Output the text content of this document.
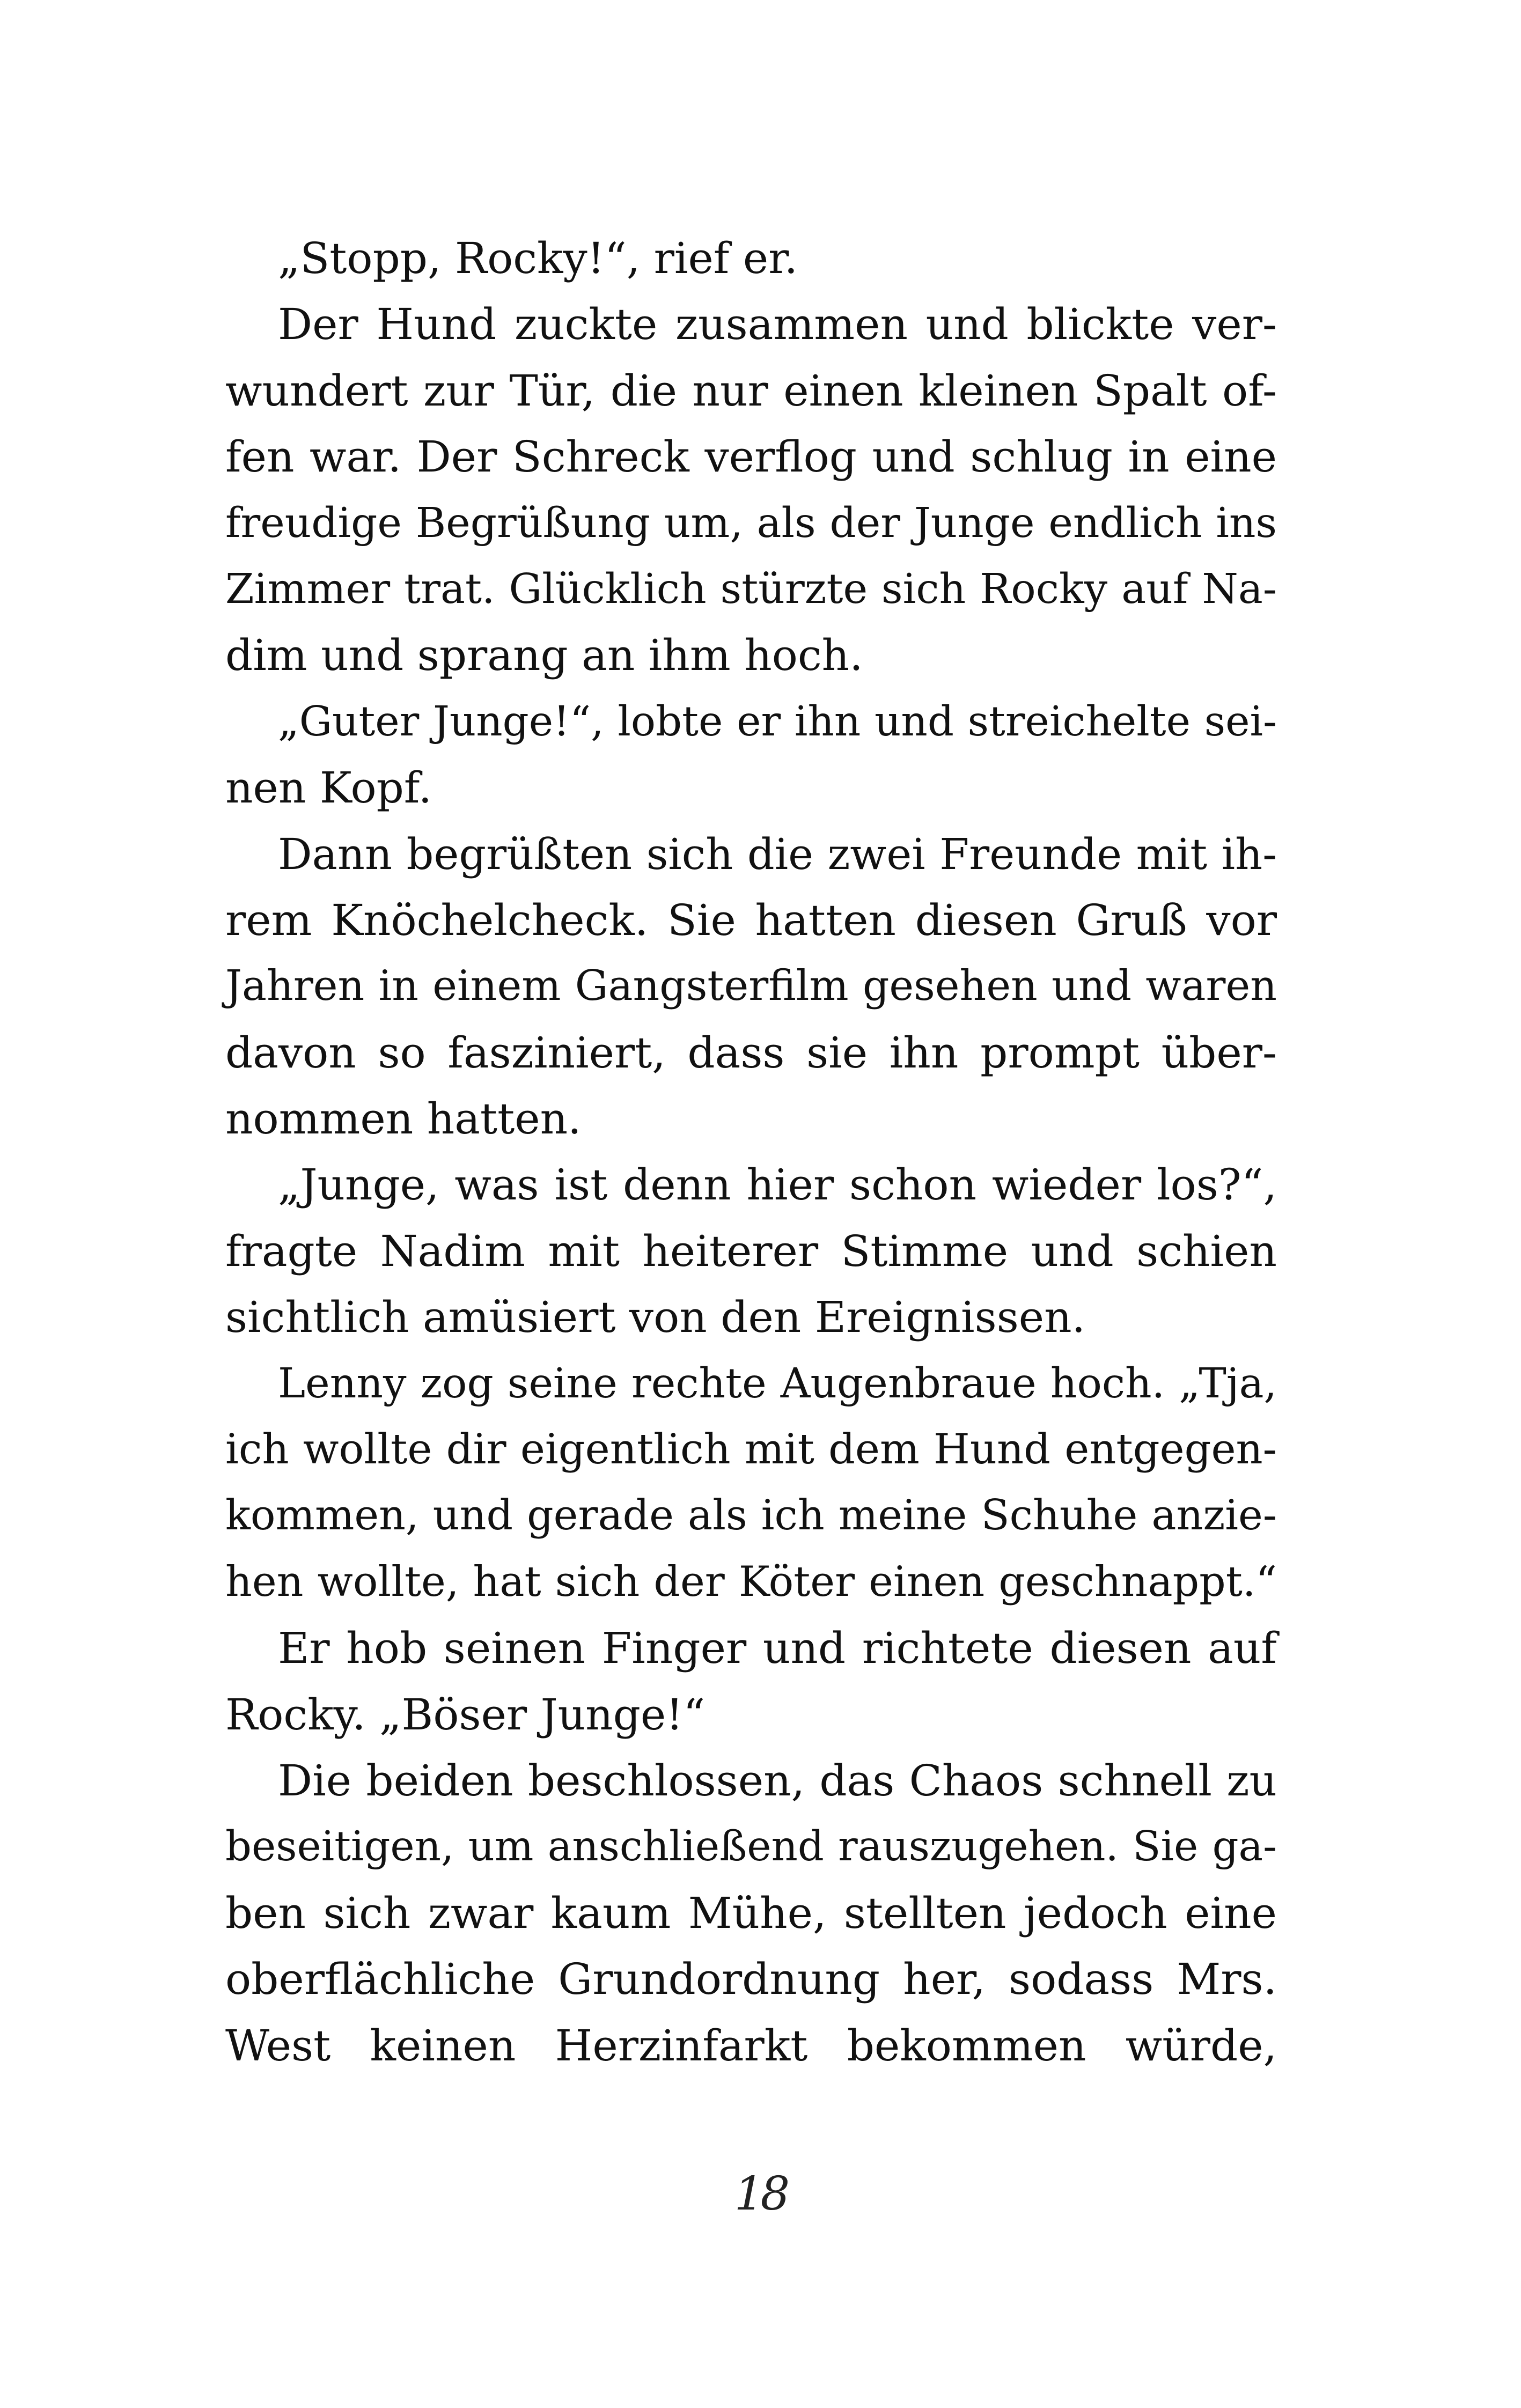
„Stopp, Rocky!“, rief er.
Der Hund zuckte zusammen und blickte ver-
wundert zur Tür, die nur einen kleinen Spalt of-
fen war. Der Schreck verflog und schlug in eine
freudige Begrüßung um, als der Junge endlich ins
Zimmer trat. Glücklich stürzte sich Rocky auf Na-
dim und sprang an ihm hoch.
„Guter Junge!“, lobte er ihn und streichelte sei-
nen Kopf.
Dann begrüßten sich die zwei Freunde mit ih-
rem Knöchelcheck. Sie hatten diesen Gruß vor
Jahren in einem Gangsterfilm gesehen und waren
davon so fasziniert, dass sie ihn prompt über-
nommen hatten.
„Junge, was ist denn hier schon wieder los?“,
fragte Nadim mit heiterer Stimme und schien
sichtlich amüsiert von den Ereignissen.
Lenny zog seine rechte Augenbraue hoch. „Tja,
ich wollte dir eigentlich mit dem Hund entgegen-
kommen, und gerade als ich meine Schuhe anzie-
hen wollte, hat sich der Köter einen geschnappt.“
Er hob seinen Finger und richtete diesen auf
Rocky. „Böser Junge!“
Die beiden beschlossen, das Chaos schnell zu
beseitigen, um anschließend rauszugehen. Sie ga-
ben sich zwar kaum Mühe, stellten jedoch eine
oberflächliche Grundordnung her, sodass Mrs.
West keinen Herzinfarkt bekommen würde,
18
